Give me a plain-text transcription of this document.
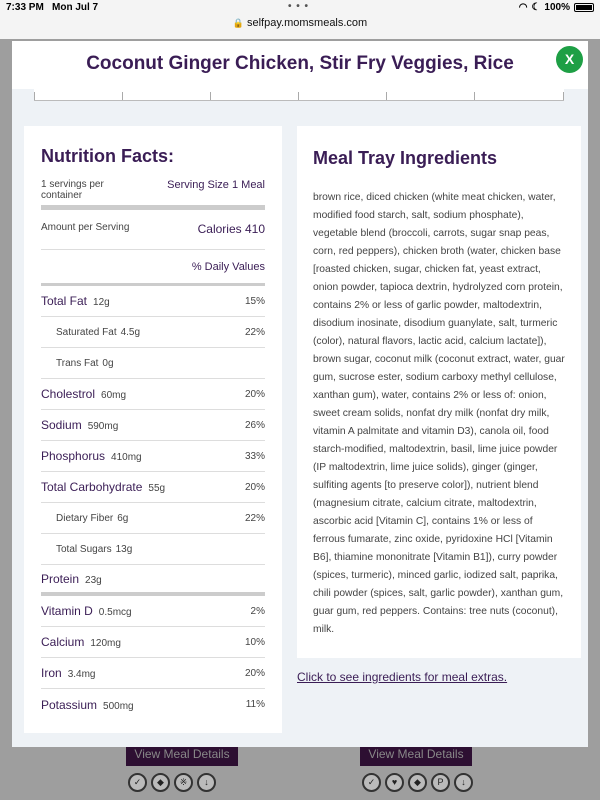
7:33 PM Mon Jul 7	• • •	◠ ☾ 100%
🔒 selfpay.momsmeals.com
View Meal Details	View Meal Details
✓	◆	※	↓	✓	♥	◆	P	↓
Coconut Ginger Chicken, Stir Fry Veggies, Rice	X
Nutrition Facts:
1 servings per container
Serving Size 1 Meal
Amount per Serving	Calories 410
% Daily Values
Total Fat 12g	15%
Saturated Fat 4.5g	22%
Trans Fat 0g
Cholestrol 60mg	20%
Sodium 590mg	26%
Phosphorus 410mg	33%
Total Carbohydrate 55g	20%
Dietary Fiber 6g	22%
Total Sugars 13g
Protein 23g
Vitamin D 0.5mcg	2%
Calcium 120mg	10%
Iron 3.4mg	20%
Potassium 500mg	11%
Meal Tray Ingredients

brown rice, diced chicken (white meat chicken, water, modified food starch, salt, sodium phosphate), vegetable blend (broccoli, carrots, sugar snap peas, corn, red peppers), chicken broth (water, chicken base [roasted chicken, sugar, chicken fat, yeast extract, onion powder, tapioca dextrin, hydrolyzed corn protein, contains 2% or less of garlic powder, maltodextrin, disodium inosinate, disodium guanylate, salt, turmeric (color), natural flavors, lactic acid, calcium lactate]), brown sugar, coconut milk (coconut extract, water, guar gum, sucrose ester, sodium carboxy methyl cellulose, xanthan gum), water, contains 2% or less of: onion, sweet cream solids, nonfat dry milk (nonfat dry milk, vitamin A palmitate and vitamin D3), canola oil, food starch-modified, maltodextrin, basil, lime juice powder (IP maltodextrin, lime juice solids), ginger (ginger, sulfiting agents [to preserve color]), nutrient blend (magnesium citrate, calcium citrate, maltodextrin, ascorbic acid [Vitamin C], contains 1% or less of ferrous fumarate, zinc oxide, pyridoxine HCl [Vitamin B6], thiamine mononitrate [Vitamin B1]), curry powder (spices, turmeric), minced garlic, iodized salt, paprika, chili powder (spices, salt, garlic powder), xanthan gum, guar gum, red peppers. Contains: tree nuts (coconut), milk.

Click to see ingredients for meal extras.
